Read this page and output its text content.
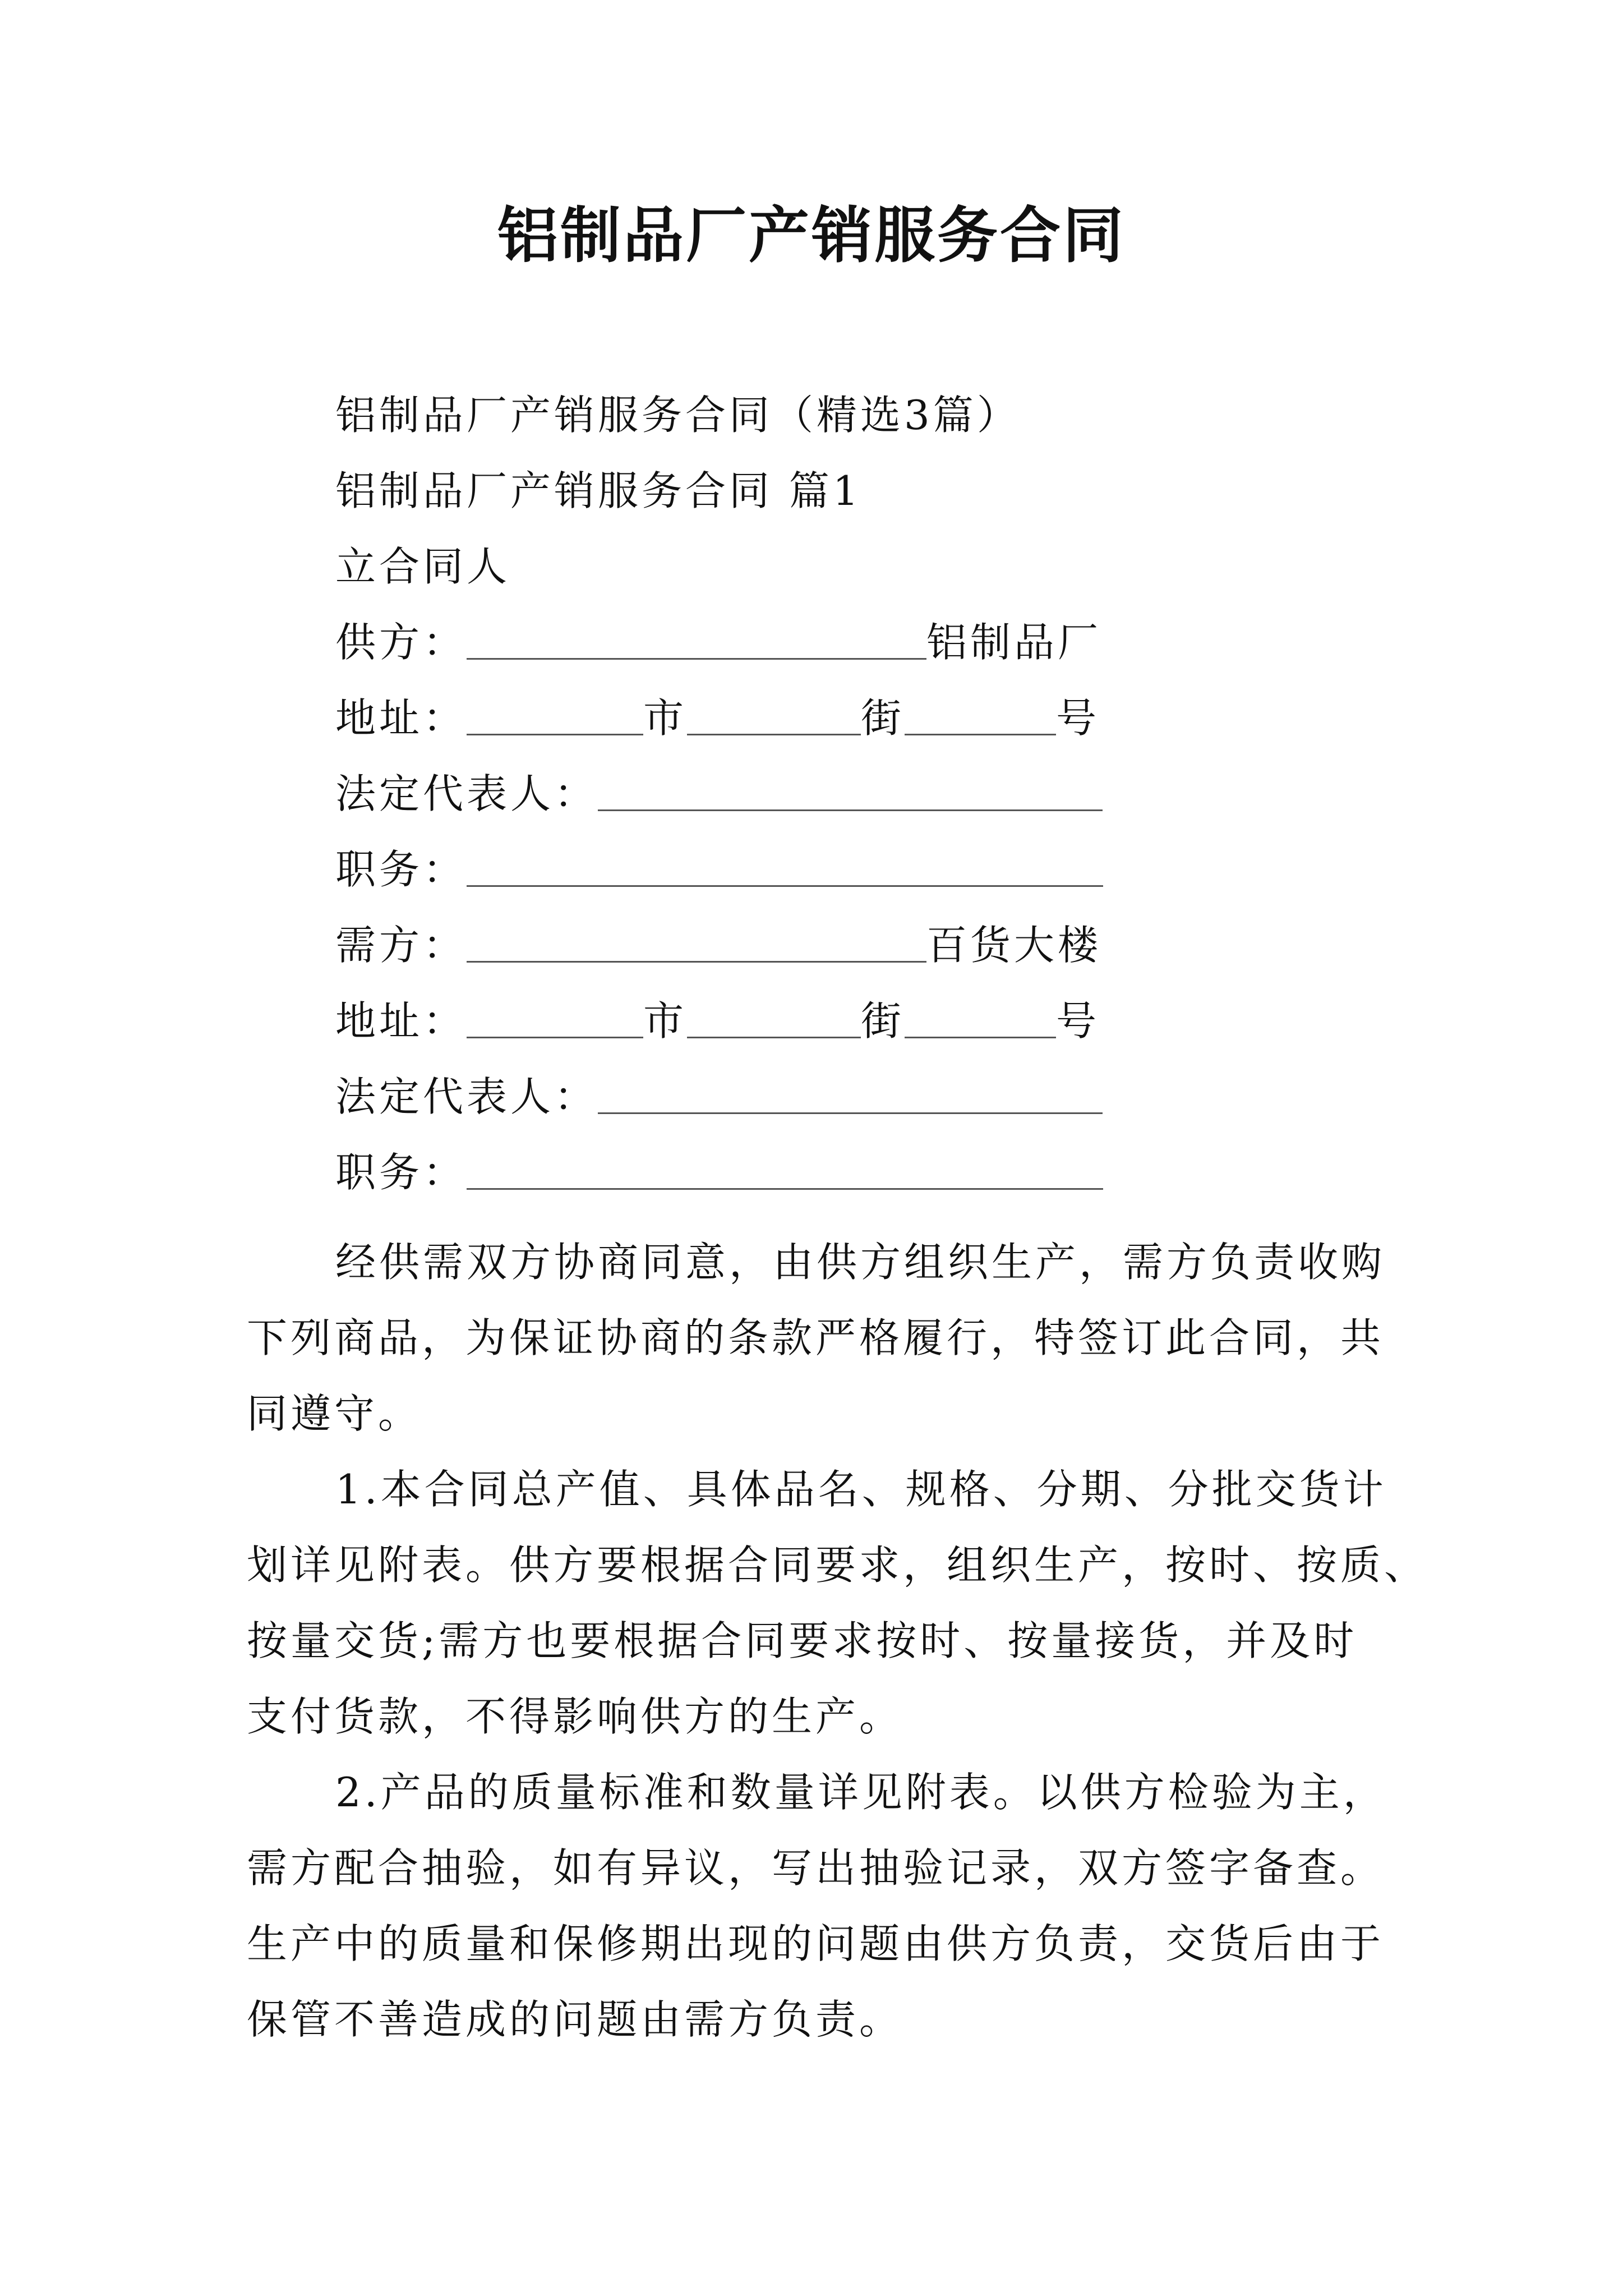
铝制品厂产销服务合同
铝制品厂产销服务合同（精选3篇）
铝制品厂产销服务合同 篇1
立合同人
供方：	铝制品厂
地址：	市	街	号
法定代表人：
职务：
需方：	百货大楼
地址：	市	街	号
法定代表人：
职务：
经供需双方协商同意，由供方组织生产，需方负责收购
下列商品，为保证协商的条款严格履行，特签订此合同，共
同遵守。
1.本合同总产值、具体品名、规格、分期、分批交货计
划详见附表。供方要根据合同要求，组织生产，按时、按质、
按量交货;需方也要根据合同要求按时、按量接货，并及时
支付货款，不得影响供方的生产。
2.产品的质量标准和数量详见附表。以供方检验为主，
需方配合抽验，如有异议，写出抽验记录，双方签字备查。
生产中的质量和保修期出现的问题由供方负责，交货后由于
保管不善造成的问题由需方负责。
